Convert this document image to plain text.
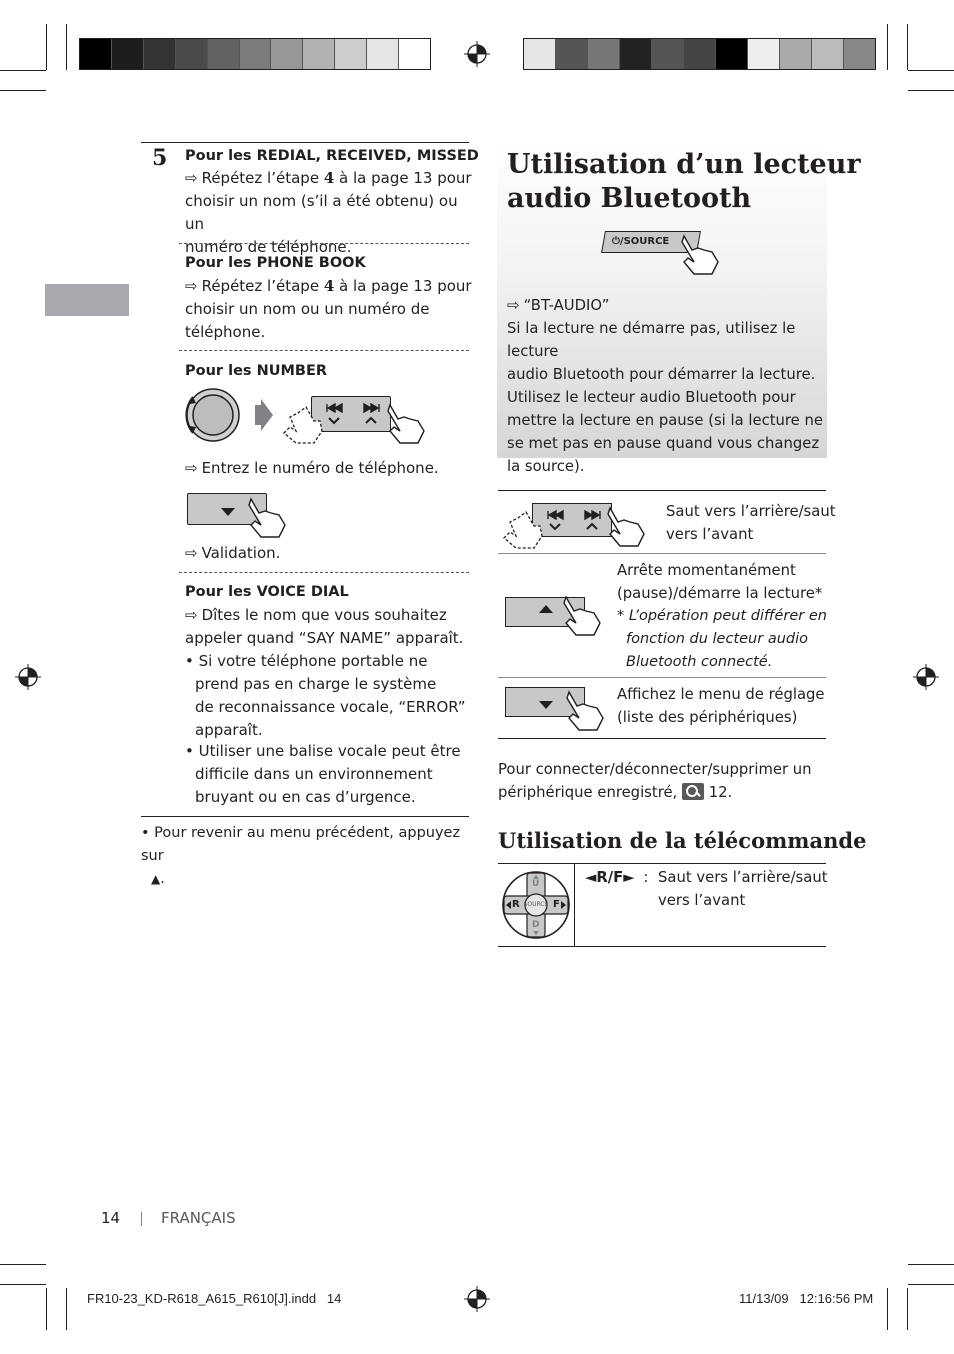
5 Pour les REDIAL, RECEIVED, MISSED
⇨ Répétez l’étape 4 à la page 13 pour
choisir un nom (s’il a été obtenu) ou un
numéro de téléphone.
Pour les PHONE BOOK
⇨ Répétez l’étape 4 à la page 13 pour
choisir un nom ou un numéro de
téléphone.
Pour les NUMBER
⇨ Entrez le numéro de téléphone.
⇨ Validation.
Pour les VOICE DIAL
⇨ Dîtes le nom que vous souhaitez
appeler quand “SAY NAME” apparaît.
• Si votre téléphone portable ne
prend pas en charge le système
de reconnaissance vocale, “ERROR”
apparaît.
• Utiliser une balise vocale peut être
difficile dans un environnement
bruyant ou en cas d’urgence.
• Pour revenir au menu précédent, appuyez sur
▲.
Utilisation d’un lecteur
audio Bluetooth
⏻/SOURCE
⇨ “BT-AUDIO”
Si la lecture ne démarre pas, utilisez le lecture
audio Bluetooth pour démarrer la lecture.
Utilisez le lecteur audio Bluetooth pour
mettre la lecture en pause (si la lecture ne
se met pas en pause quand vous changez
la source).
Saut vers l’arrière/saut
vers l’avant
Arrête momentanément
(pause)/démarre la lecture*
* L’opération peut différer en
fonction du lecteur audio
Bluetooth connecté.
Affichez le menu de réglage
(liste des périphériques)
Pour connecter/déconnecter/supprimer un
périphérique enregistré, 12.
Utilisation de la télécommande
SOURCE
R	F
U
D
◄R/F► : Saut vers l’arrière/saut
vers l’avant
14	FRANÇAIS
FR10-23_KD-R618_A615_R610[J].indd   14	11/13/09   12:16:56 PM
